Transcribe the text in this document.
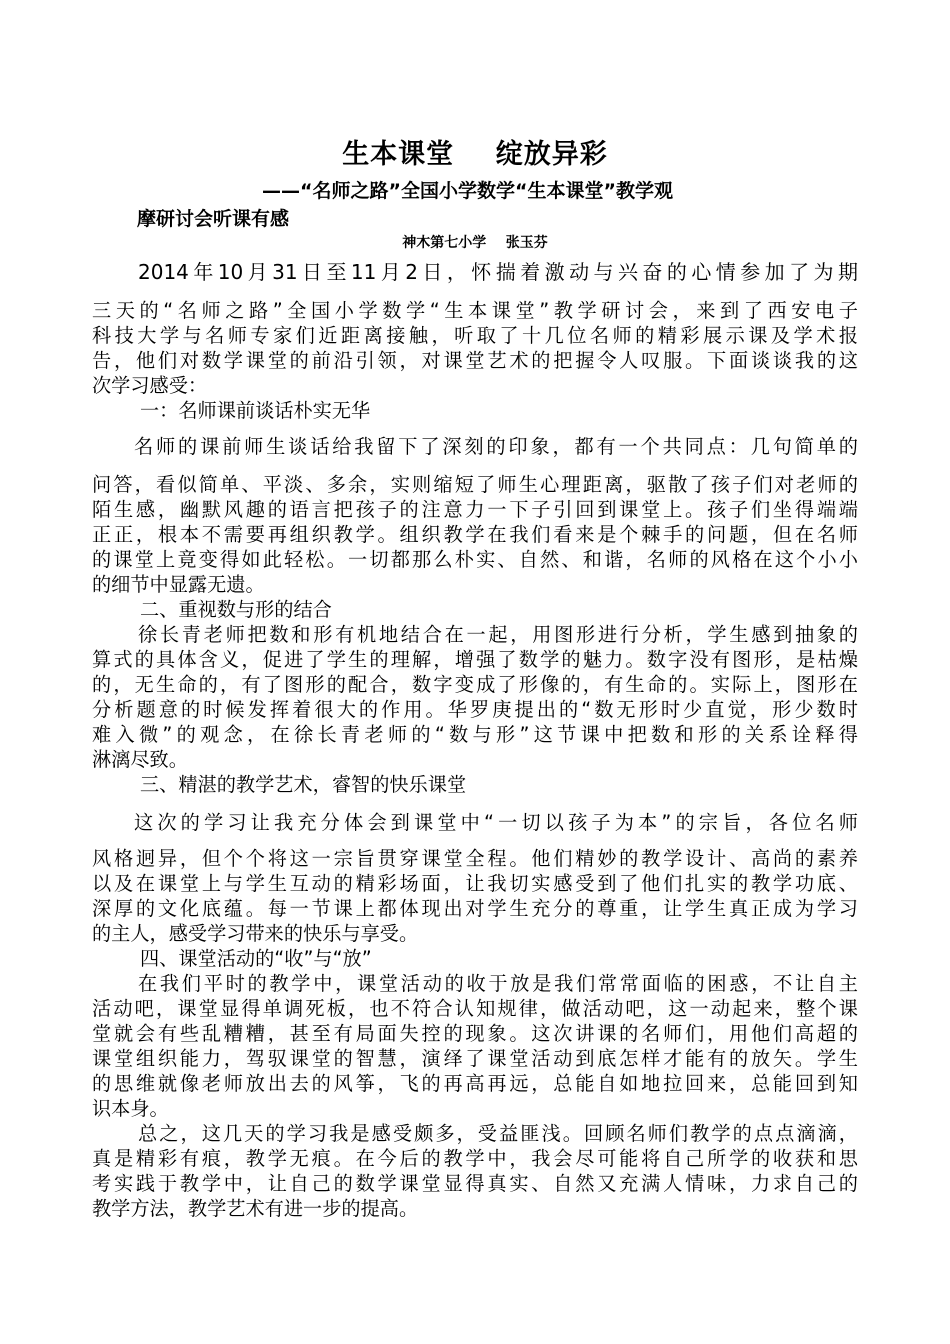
生本课堂    绽放异彩
——“名师之路”全国小学数学“生本课堂”教学观
摩研讨会听课有感
神木第七小学    张玉芬
2014年10月31日至11月2日，怀揣着激动与兴奋的心情参加了为期
三天的“名师之路”全国小学数学“生本课堂”教学研讨会，来到了西安电子
科技大学与名师专家们近距离接触，听取了十几位名师的精彩展示课及学术报
告，他们对数学课堂的前沿引领，对课堂艺术的把握令人叹服。下面谈谈我的这
次学习感受：
一：名师课前谈话朴实无华
名师的课前师生谈话给我留下了深刻的印象，都有一个共同点：几句简单的
问答，看似简单、平淡、多余，实则缩短了师生心理距离，驱散了孩子们对老师的
陌生感，幽默风趣的语言把孩子的注意力一下子引回到课堂上。孩子们坐得端端
正正，根本不需要再组织教学。组织教学在我们看来是个棘手的问题，但在名师
的课堂上竟变得如此轻松。一切都那么朴实、自然、和谐，名师的风格在这个小小
的细节中显露无遗。
二、重视数与形的结合
徐长青老师把数和形有机地结合在一起，用图形进行分析，学生感到抽象的
算式的具体含义，促进了学生的理解，增强了数学的魅力。数字没有图形，是枯燥
的，无生命的，有了图形的配合，数字变成了形像的，有生命的。实际上，图形在
分析题意的时候发挥着很大的作用。华罗庚提出的“数无形时少直觉，形少数时
难入微”的观念，在徐长青老师的“数与形”这节课中把数和形的关系诠释得
淋漓尽致。
三、精湛的教学艺术，睿智的快乐课堂
这次的学习让我充分体会到课堂中“一切以孩子为本”的宗旨，各位名师
风格迥异，但个个将这一宗旨贯穿课堂全程。他们精妙的教学设计、高尚的素养
以及在课堂上与学生互动的精彩场面，让我切实感受到了他们扎实的教学功底、
深厚的文化底蕴。每一节课上都体现出对学生充分的尊重，让学生真正成为学习
的主人，感受学习带来的快乐与享受。
四、课堂活动的“收”与“放”
在我们平时的教学中，课堂活动的收于放是我们常常面临的困惑，不让自主
活动吧，课堂显得单调死板，也不符合认知规律，做活动吧，这一动起来，整个课
堂就会有些乱糟糟，甚至有局面失控的现象。这次讲课的名师们，用他们高超的
课堂组织能力，驾驭课堂的智慧，演绎了课堂活动到底怎样才能有的放矢。学生
的思维就像老师放出去的风筝，飞的再高再远，总能自如地拉回来，总能回到知
识本身。
总之，这几天的学习我是感受颇多，受益匪浅。回顾名师们教学的点点滴滴，
真是精彩有痕，教学无痕。在今后的教学中，我会尽可能将自己所学的收获和思
考实践于教学中，让自己的数学课堂显得真实、自然又充满人情味，力求自己的
教学方法，教学艺术有进一步的提高。
